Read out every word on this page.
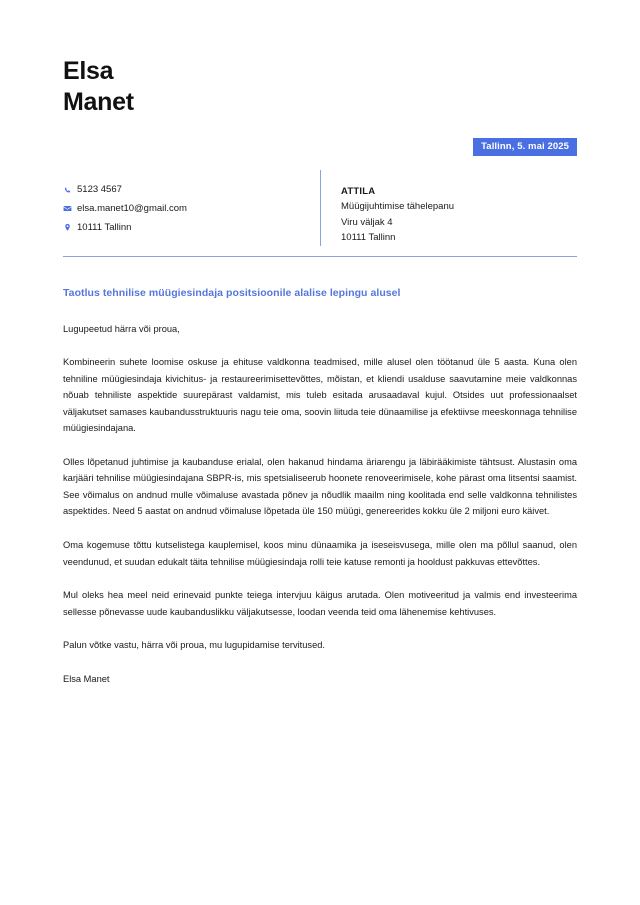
Elsa
Manet
Tallinn, 5. mai 2025
5123 4567
elsa.manet10@gmail.com
10111 Tallinn
ATTILA
Müügijuhtimise tähelepanu
Viru väljak 4
10111 Tallinn
Taotlus tehnilise müügiesindaja positsioonile alalise lepingu alusel

Lugupeetud härra või proua,

Kombineerin suhete loomise oskuse ja ehituse valdkonna teadmised, mille alusel olen töötanud üle 5 aasta. Kuna olen tehniline müügiesindaja kivichitus- ja restaureerimisettevõttes, mõistan, et kliendi usalduse saavutamine meie valdkonnas nõuab tehniliste aspektide suurepärast valdamist, mis tuleb esitada arusaadaval kujul. Otsides uut professionaalset väljakutset samases kaubandusstruktuuris nagu teie oma, soovin liituda teie dünaamilise ja efektiivse meeskonnaga tehnilise müügiesindajana.

Olles lõpetanud juhtimise ja kaubanduse erialal, olen hakanud hindama äriarengu ja läbirääkimiste tähtsust. Alustasin oma karjääri tehnilise müügiesindajana SBPR-is, mis spetsialiseerub hoonete renoveerimisele, kohe pärast oma litsentsi saamist. See võimalus on andnud mulle võimaluse avastada põnev ja nõudlik maailm ning koolitada end selle valdkonna tehnilistes aspektides. Need 5 aastat on andnud võimaluse lõpetada üle 150 müügi, genereerides kokku üle 2 miljoni euro käivet.

Oma kogemuse tõttu kutselistega kauplemisel, koos minu dünaamika ja iseseisvusega, mille olen ma põllul saanud, olen veendunud, et suudan edukalt täita tehnilise müügiesindaja rolli teie katuse remonti ja hooldust pakkuvas ettevõttes.

Mul oleks hea meel neid erinevaid punkte teiega intervjuu käigus arutada. Olen motiveeritud ja valmis end investeerima sellesse põnevasse uude kaubanduslikku väljakutsesse, loodan veenda teid oma lähenemise kehtivuses.

Palun võtke vastu, härra või proua, mu lugupidamise tervitused.

Elsa Manet
